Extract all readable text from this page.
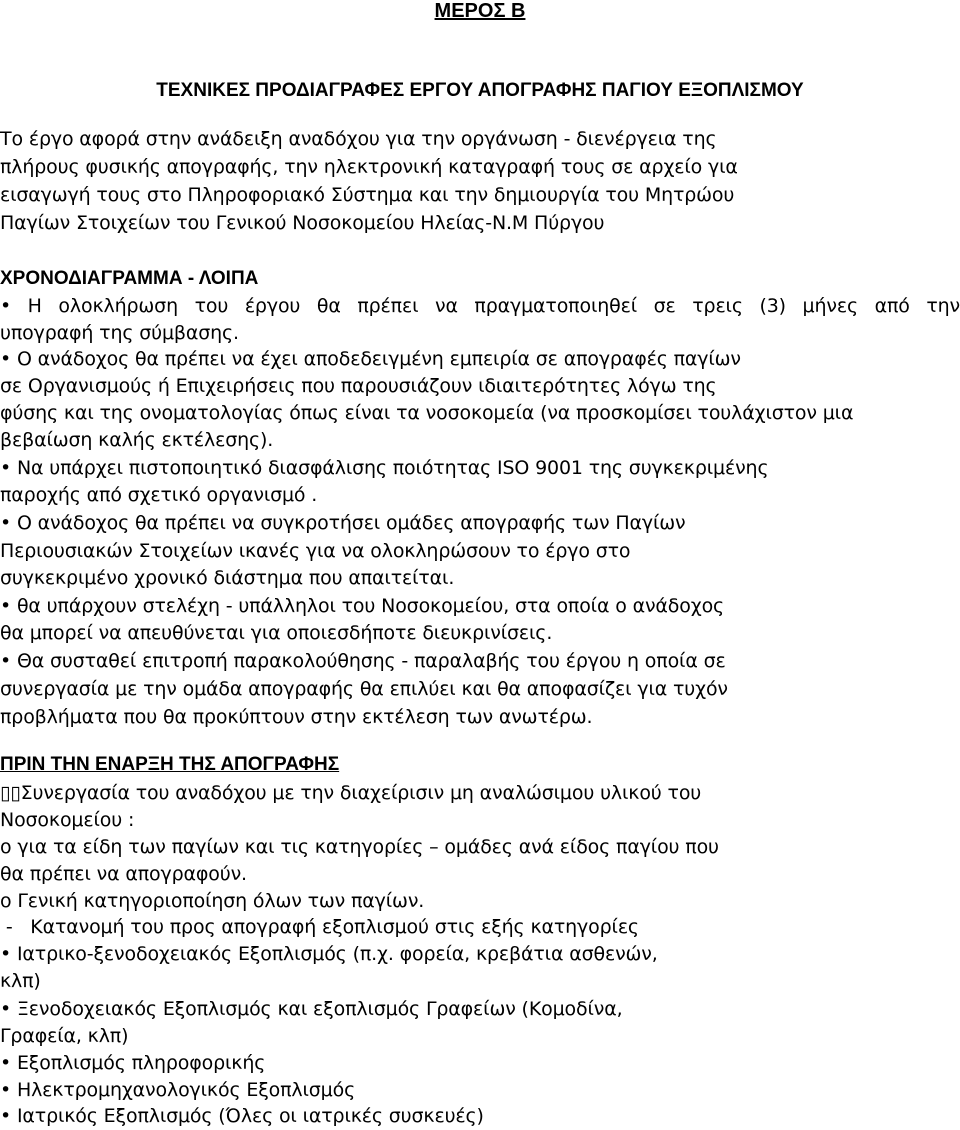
ΜΕΡΟΣ Β
ΤΕΧΝΙΚΕΣ ΠΡΟΔΙΑΓΡΑΦΕΣ ΕΡΓΟΥ ΑΠΟΓΡΑΦΗΣ ΠΑΓΙΟΥ ΕΞΟΠΛΙΣΜΟΥ
Το έργο αφορά στην ανάδειξη αναδόχου για την οργάνωση - διενέργεια της
πλήρους φυσικής απογραφής, την ηλεκτρονική καταγραφή τους σε αρχείο για
εισαγωγή τους στο Πληροφοριακό Σύστημα και την δημιουργία του Μητρώου
Παγίων Στοιχείων του Γενικού Νοσοκομείου Ηλείας-Ν.Μ Πύργου
ΧΡΟΝΟΔΙΑΓΡΑΜΜΑ - ΛΟΙΠΑ
• Η ολοκλήρωση του έργου θα πρέπει να πραγματοποιηθεί σε τρεις (3) μήνες από την
υπογραφή της σύμβασης.
• Ο ανάδοχος θα πρέπει να έχει αποδεδειγμένη εμπειρία σε απογραφές παγίων
σε Οργανισμούς ή Επιχειρήσεις που παρουσιάζουν ιδιαιτερότητες λόγω της
φύσης και της ονοματολογίας όπως είναι τα νοσοκομεία (να προσκομίσει τουλάχιστον μια
βεβαίωση καλής εκτέλεσης).
• Να υπάρχει πιστοποιητικό διασφάλισης ποιότητας ISO 9001 της συγκεκριμένης
παροχής από σχετικό οργανισμό .
• Ο ανάδοχος θα πρέπει να συγκροτήσει ομάδες απογραφής των Παγίων
Περιουσιακών Στοιχείων ικανές για να ολοκληρώσουν το έργο στο
συγκεκριμένο χρονικό διάστημα που απαιτείται.
• θα υπάρχουν στελέχη - υπάλληλοι του Νοσοκομείου, στα οποία ο ανάδοχος
θα μπορεί να απευθύνεται για οποιεσδήποτε διευκρινίσεις.
• Θα συσταθεί επιτροπή παρακολούθησης - παραλαβής του έργου η οποία σε
συνεργασία με την ομάδα απογραφής θα επιλύει και θα αποφασίζει για τυχόν
προβλήματα που θα προκύπτουν στην εκτέλεση των ανωτέρω.
ΠΡΙΝ ΤΗΝ ΕΝΑΡΞΗ ΤΗΣ ΑΠΟΓΡΑΦΗΣ
▯▯Συνεργασία του αναδόχου με την διαχείρισιν μη αναλώσιμου υλικού του
Νοσοκομείου :
ο για τα είδη των παγίων και τις κατηγορίες – ομάδες ανά είδος παγίου που
θα πρέπει να απογραφούν.
ο Γενική κατηγοριοποίηση όλων των παγίων.
-   Κατανομή του προς απογραφή εξοπλισμού στις εξής κατηγορίες
• Ιατρικο-ξενοδοχειακός Εξοπλισμός (π.χ. φορεία, κρεβάτια ασθενών,
κλπ)
• Ξενοδοχειακός Εξοπλισμός και εξοπλισμός Γραφείων (Κομοδίνα,
Γραφεία, κλπ)
• Εξοπλισμός πληροφορικής
• Ηλεκτρομηχανολογικός Εξοπλισμός
• Ιατρικός Εξοπλισμός (Όλες οι ιατρικές συσκευές)
